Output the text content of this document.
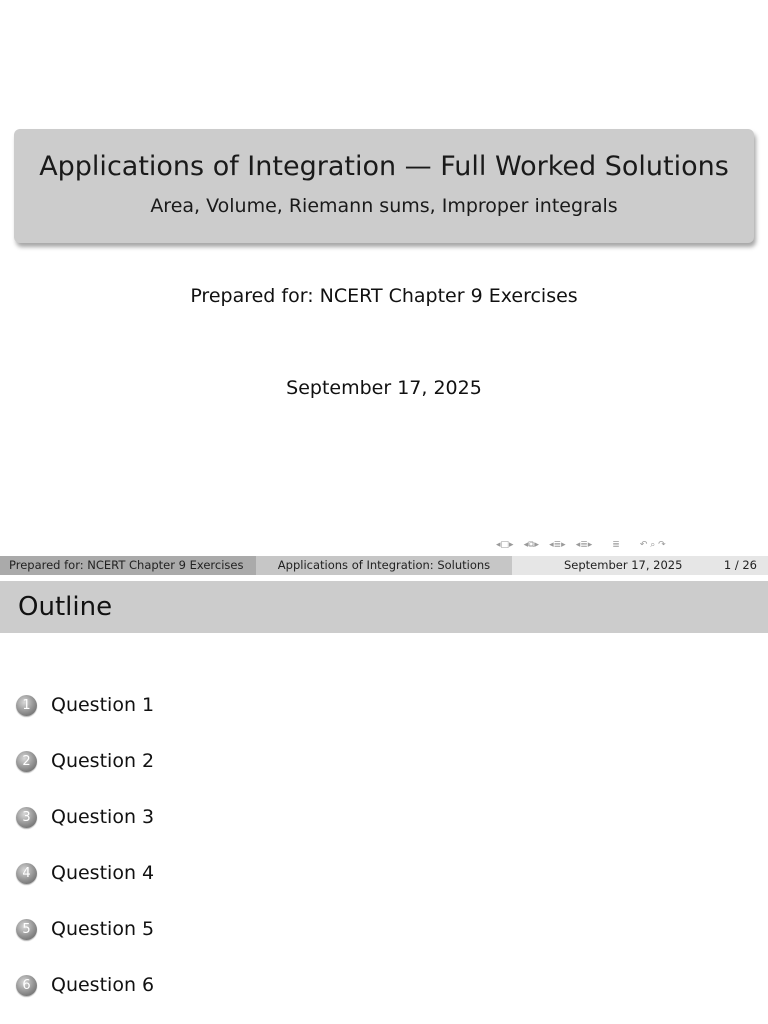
Applications of Integration — Full Worked Solutions
Area, Volume, Riemann sums, Improper integrals
Prepared for: NCERT Chapter 9 Exercises
September 17, 2025
◂ □ ▸ ◂ ⧉ ▸ ◂ ≣ ▸ ◂ ≣ ▸ ≣ ↶ ⌕ ↷
Prepared for: NCERT Chapter 9 Exercises	Applications of Integration: Solutions	September 17, 2025	1 / 26
Outline
1	Question 1
2	Question 2
3	Question 3
4	Question 4
5	Question 5
6	Question 6
